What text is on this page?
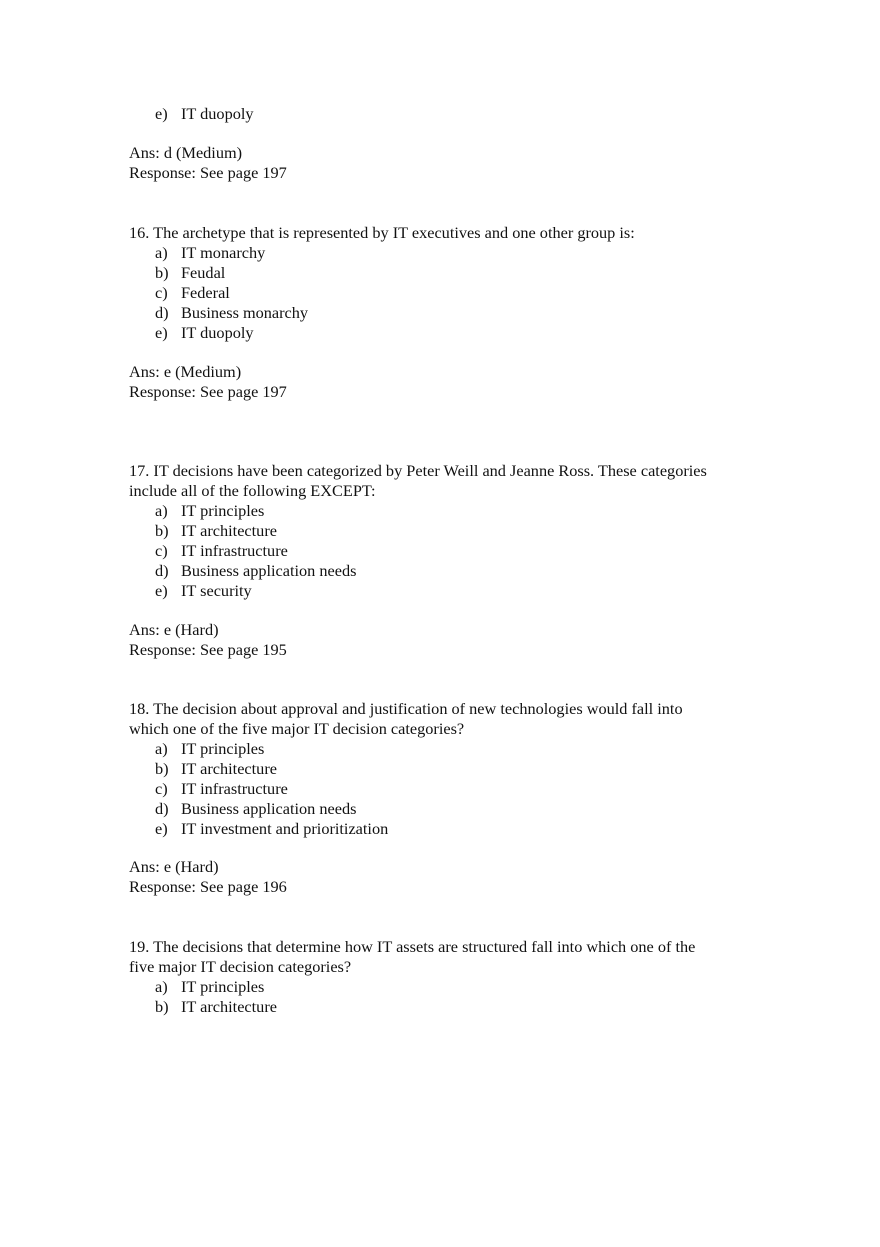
e) IT duopoly
Ans: d (Medium)
Response: See page 197
16. The archetype that is represented by IT executives and one other group is:
a) IT monarchy
b) Feudal
c) Federal
d) Business monarchy
e) IT duopoly
Ans: e (Medium)
Response: See page 197
17. IT decisions have been categorized by Peter Weill and Jeanne Ross. These categories
include all of the following EXCEPT:
a) IT principles
b) IT architecture
c) IT infrastructure
d) Business application needs
e) IT security
Ans: e (Hard)
Response: See page 195
18. The decision about approval and justification of new technologies would fall into
which one of the five major IT decision categories?
a) IT principles
b) IT architecture
c) IT infrastructure
d) Business application needs
e) IT investment and prioritization
Ans: e (Hard)
Response: See page 196
19. The decisions that determine how IT assets are structured fall into which one of the
five major IT decision categories?
a) IT principles
b) IT architecture
